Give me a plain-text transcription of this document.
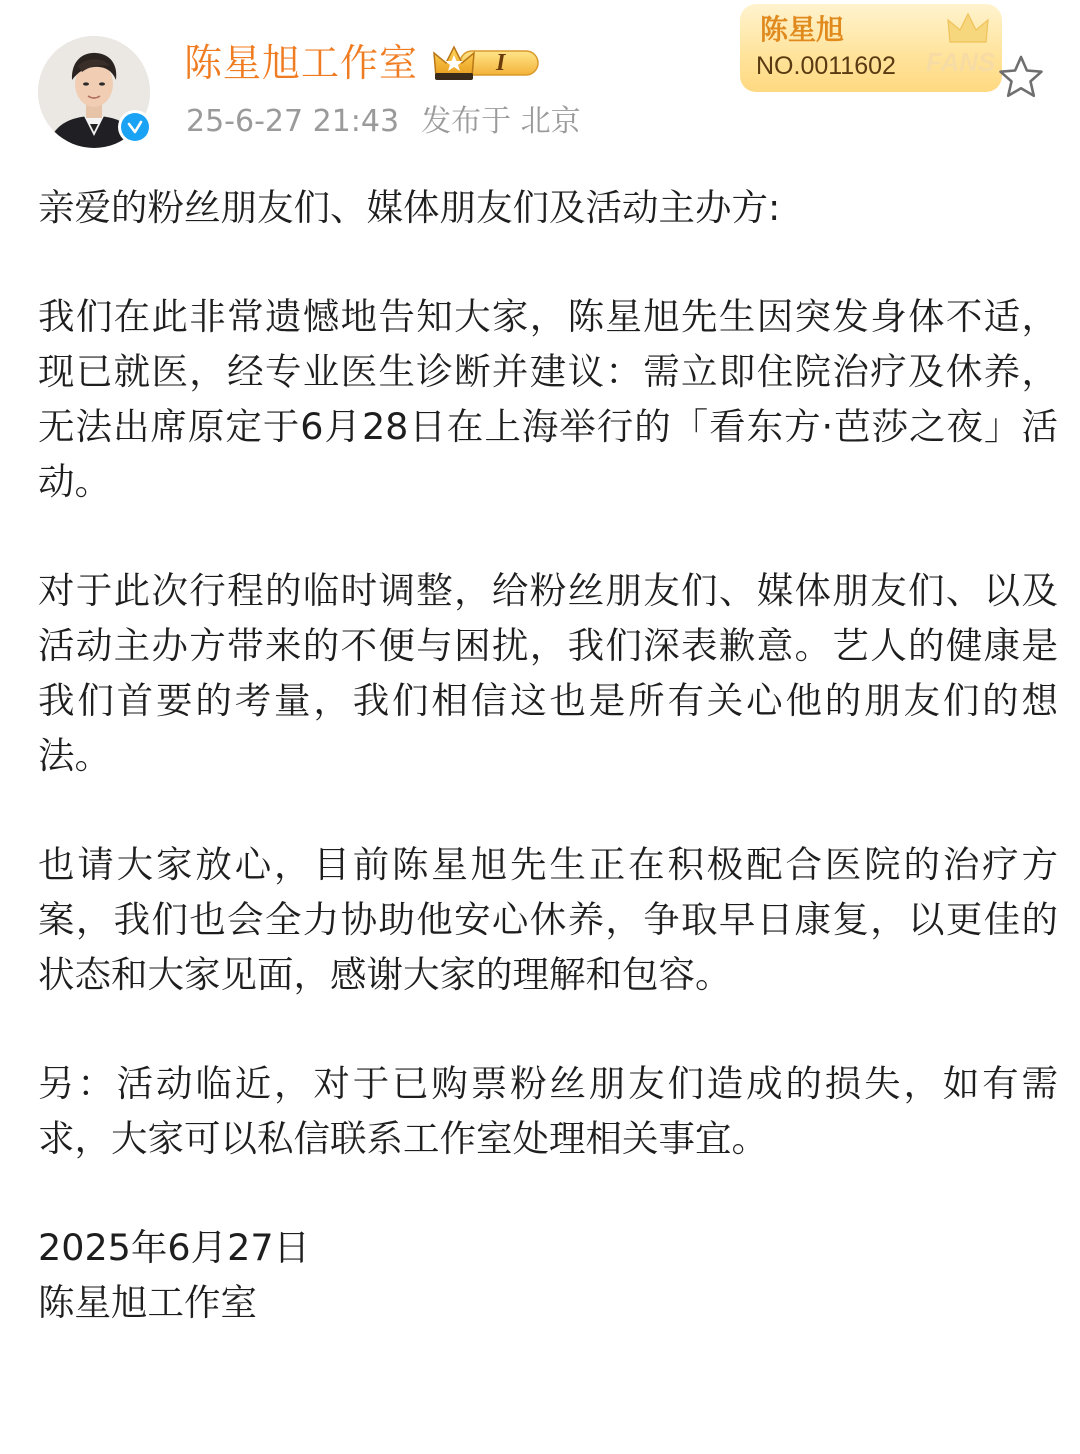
陈星旭工作室	I
25-6-27 21:43 发布于 北京
陈星旭
NO.0011602 FANS

亲爱的粉丝朋友们、媒体朋友们及活动主办方:

我们在此非常遗憾地告知大家，陈星旭先生因突发身体不适，现已就医，经专业医生诊断并建议：需立即住院治疗及休养，无法出席原定于6月28日在上海举行的「看东方·芭莎之夜」活动。

对于此次行程的临时调整，给粉丝朋友们、媒体朋友们、以及活动主办方带来的不便与困扰，我们深表歉意。艺人的健康是我们首要的考量，我们相信这也是所有关心他的朋友们的想法。

也请大家放心，目前陈星旭先生正在积极配合医院的治疗方案，我们也会全力协助他安心休养，争取早日康复，以更佳的状态和大家见面，感谢大家的理解和包容。

另：活动临近，对于已购票粉丝朋友们造成的损失，如有需求，大家可以私信联系工作室处理相关事宜。

2025年6月27日

陈星旭工作室
